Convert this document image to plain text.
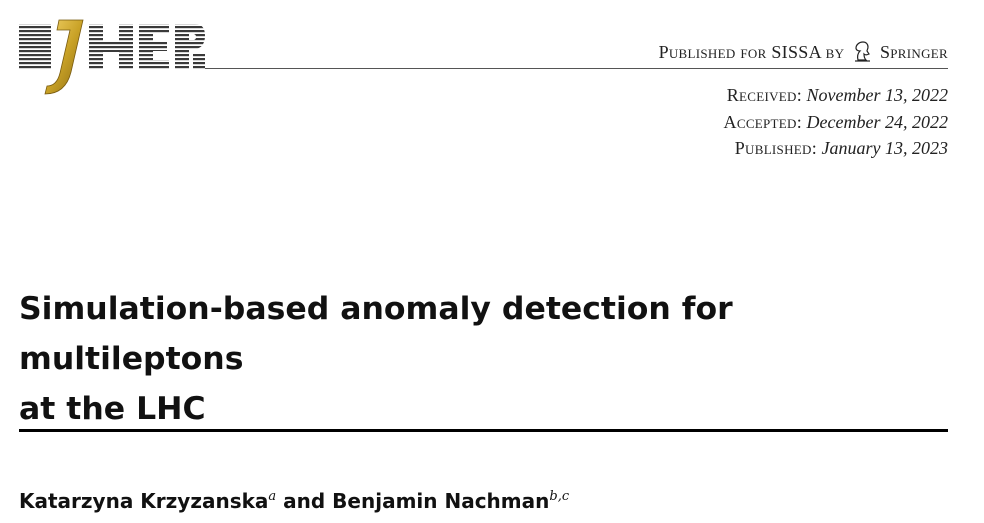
Published for SISSA by Springer
Received: November 13, 2022
Accepted: December 24, 2022
Published: January 13, 2023
Simulation-based anomaly detection for multileptons
at the LHC
Katarzyna Krzyzanska$^a$ and Benjamin Nachman$^{b,c}$
